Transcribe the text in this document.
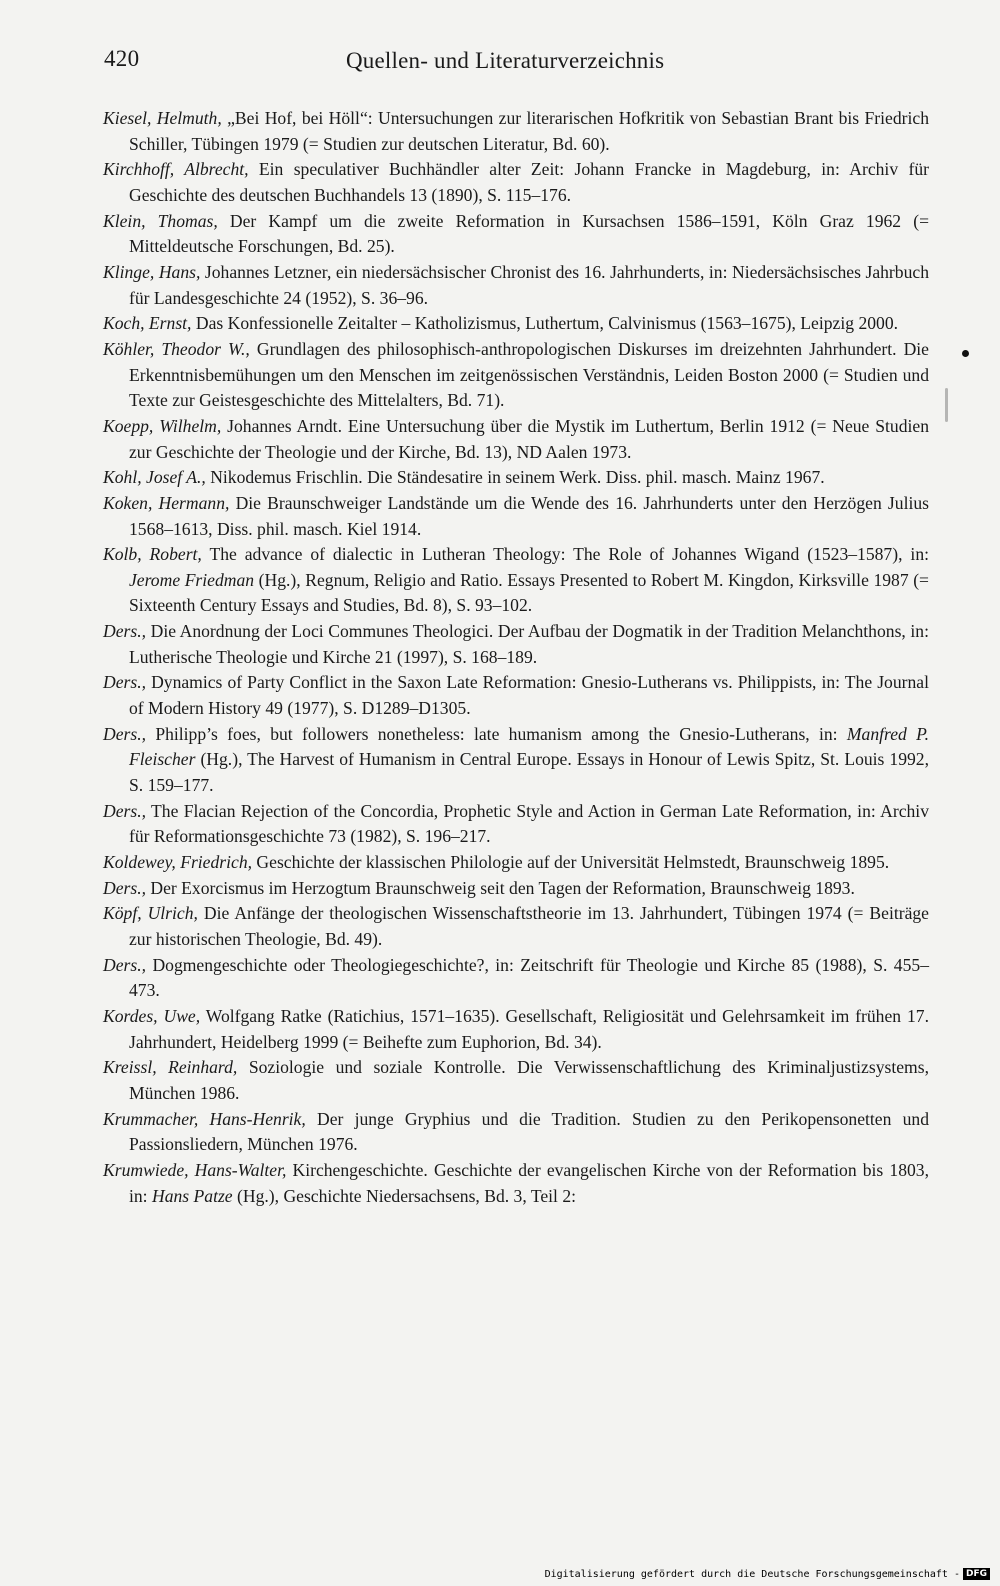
420	Quellen- und Literaturverzeichnis

Kiesel, Helmuth, „Bei Hof, bei Höll“: Untersuchungen zur literarischen Hofkritik von Sebastian Brant bis Friedrich Schiller, Tübingen 1979 (= Studien zur deutschen Literatur, Bd. 60).

Kirchhoff, Albrecht, Ein speculativer Buchhändler alter Zeit: Johann Francke in Magdeburg, in: Archiv für Geschichte des deutschen Buchhandels 13 (1890), S. 115–176.

Klein, Thomas, Der Kampf um die zweite Reformation in Kursachsen 1586–1591, Köln Graz 1962 (= Mitteldeutsche Forschungen, Bd. 25).

Klinge, Hans, Johannes Letzner, ein niedersächsischer Chronist des 16. Jahrhunderts, in: Niedersächsisches Jahrbuch für Landesgeschichte 24 (1952), S. 36–96.

Koch, Ernst, Das Konfessionelle Zeitalter – Katholizismus, Luthertum, Calvinismus (1563–1675), Leipzig 2000.

Köhler, Theodor W., Grundlagen des philosophisch-anthropologischen Diskurses im dreizehnten Jahrhundert. Die Erkenntnisbemühungen um den Menschen im zeitgenössischen Verständnis, Leiden Boston 2000 (= Studien und Texte zur Geistesgeschichte des Mittelalters, Bd. 71).

Koepp, Wilhelm, Johannes Arndt. Eine Untersuchung über die Mystik im Luthertum, Berlin 1912 (= Neue Studien zur Geschichte der Theologie und der Kirche, Bd. 13), ND Aalen 1973.

Kohl, Josef A., Nikodemus Frischlin. Die Ständesatire in seinem Werk. Diss. phil. masch. Mainz 1967.

Koken, Hermann, Die Braunschweiger Landstände um die Wende des 16. Jahrhunderts unter den Herzögen Julius 1568–1613, Diss. phil. masch. Kiel 1914.

Kolb, Robert, The advance of dialectic in Lutheran Theology: The Role of Johannes Wigand (1523–1587), in: Jerome Friedman (Hg.), Regnum, Religio and Ratio. Essays Presented to Robert M. Kingdon, Kirksville 1987 (= Sixteenth Century Essays and Studies, Bd. 8), S. 93–102.

Ders., Die Anordnung der Loci Communes Theologici. Der Aufbau der Dogmatik in der Tradition Melanchthons, in: Lutherische Theologie und Kirche 21 (1997), S. 168–189.

Ders., Dynamics of Party Conflict in the Saxon Late Reformation: Gnesio-Lutherans vs. Philippists, in: The Journal of Modern History 49 (1977), S. D1289–D1305.

Ders., Philipp’s foes, but followers nonetheless: late humanism among the Gnesio-Lutherans, in: Manfred P. Fleischer (Hg.), The Harvest of Humanism in Central Europe. Essays in Honour of Lewis Spitz, St. Louis 1992, S. 159–177.

Ders., The Flacian Rejection of the Concordia, Prophetic Style and Action in German Late Reformation, in: Archiv für Reformationsgeschichte 73 (1982), S. 196–217.

Koldewey, Friedrich, Geschichte der klassischen Philologie auf der Universität Helmstedt, Braunschweig 1895.

Ders., Der Exorcismus im Herzogtum Braunschweig seit den Tagen der Reformation, Braunschweig 1893.

Köpf, Ulrich, Die Anfänge der theologischen Wissenschaftstheorie im 13. Jahrhundert, Tübingen 1974 (= Beiträge zur historischen Theologie, Bd. 49).

Ders., Dogmengeschichte oder Theologiegeschichte?, in: Zeitschrift für Theologie und Kirche 85 (1988), S. 455–473.

Kordes, Uwe, Wolfgang Ratke (Ratichius, 1571–1635). Gesellschaft, Religiosität und Gelehrsamkeit im frühen 17. Jahrhundert, Heidelberg 1999 (= Beihefte zum Euphorion, Bd. 34).

Kreissl, Reinhard, Soziologie und soziale Kontrolle. Die Verwissenschaftlichung des Kriminaljustizsystems, München 1986.

Krummacher, Hans-Henrik, Der junge Gryphius und die Tradition. Studien zu den Perikopensonetten und Passionsliedern, München 1976.

Krumwiede, Hans-Walter, Kirchengeschichte. Geschichte der evangelischen Kirche von der Reformation bis 1803, in: Hans Patze (Hg.), Geschichte Niedersachsens, Bd. 3, Teil 2:

Digitalisierung gefördert durch die Deutsche Forschungsgemeinschaft - DFG
